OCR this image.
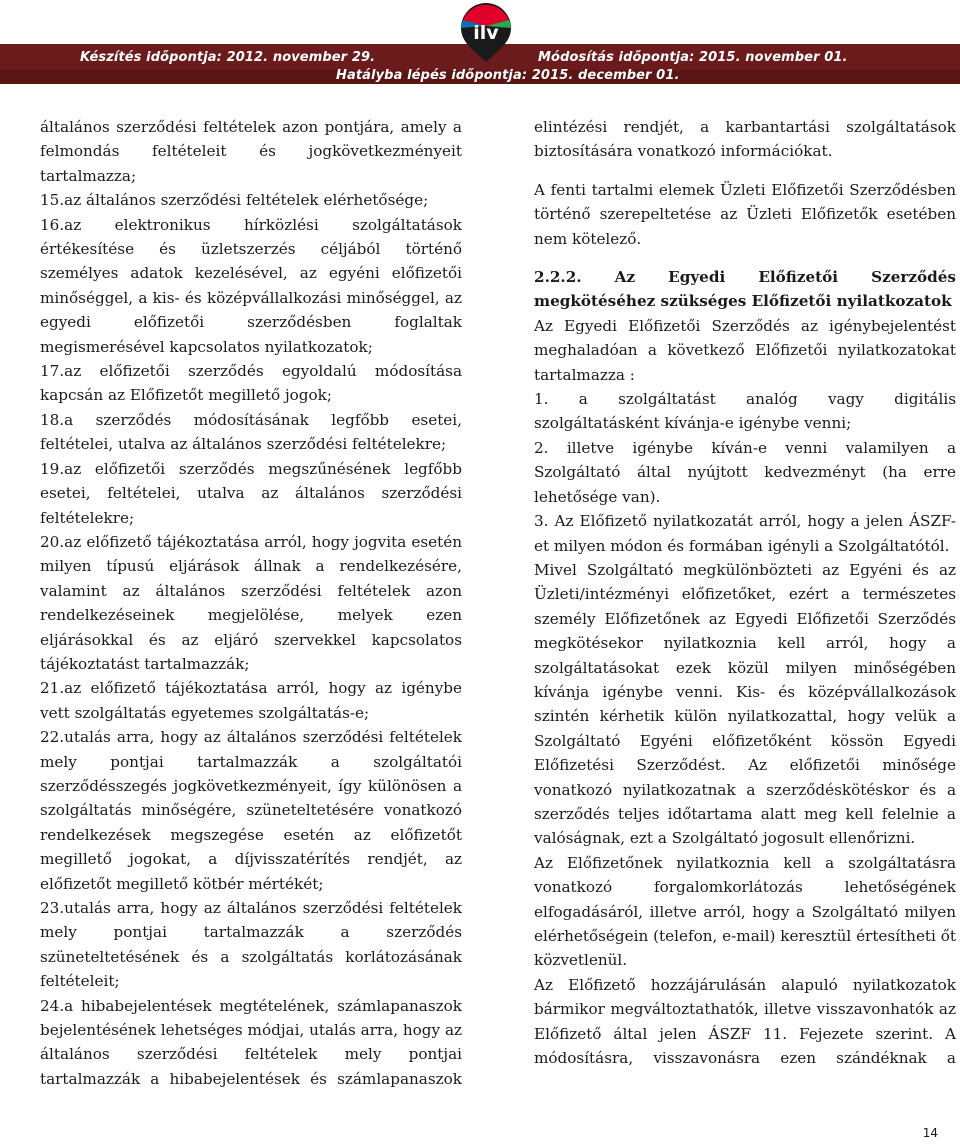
Készítés időpontja: 2012. november 29.	Módosítás időpontja: 2015. november 01.
Hatályba lépés időpontja: 2015. december 01.
ilv

általános szerződési feltételek azon pontjára, amely a felmondás feltételeit és jogkövetkezményeit tartalmazza;

15.az általános szerződési feltételek elérhetősége;

16.az elektronikus hírközlési szolgáltatások értékesítése és üzletszerzés céljából történő személyes adatok kezelésével, az egyéni előfizetői minőséggel, a kis- és középvállalkozási minőséggel, az egyedi előfizetői szerződésben foglaltak megismerésével kapcsolatos nyilatkozatok;

17.az előfizetői szerződés egyoldalú módosítása kapcsán az Előfizetőt megillető jogok;

18.a szerződés módosításának legfőbb esetei, feltételei, utalva az általános szerződési feltételekre;

19.az előfizetői szerződés megszűnésének legfőbb esetei, feltételei, utalva az általános szerződési feltételekre;

20.az előfizető tájékoztatása arról, hogy jogvita esetén milyen típusú eljárások állnak a rendelkezésére, valamint az általános szerződési feltételek azon rendelkezéseinek megjelölése, melyek ezen eljárásokkal és az eljáró szervekkel kapcsolatos tájékoztatást tartalmazzák;

21.az előfizető tájékoztatása arról, hogy az igénybe vett szolgáltatás egyetemes szolgáltatás-e;

22.utalás arra, hogy az általános szerződési feltételek mely pontjai tartalmazzák a szolgáltatói szerződésszegés jogkövetkezményeit, így különösen a szolgáltatás minőségére, szüneteltetésére vonatkozó rendelkezések megszegése esetén az előfizetőt megillető jogokat, a díjvisszatérítés rendjét, az előfizetőt megillető kötbér mértékét;

23.utalás arra, hogy az általános szerződési feltételek mely pontjai tartalmazzák a szerződés szüneteltetésének és a szolgáltatás korlátozásának feltételeit;

24.a hibabejelentések megtételének, számlapanaszok bejelentésének lehetséges módjai, utalás arra, hogy az általános szerződési feltételek mely pontjai tartalmazzák a hibabejelentések és számlapanaszok

elintézési rendjét, a karbantartási szolgáltatások biztosítására vonatkozó információkat.

A fenti tartalmi elemek Üzleti Előfizetői Szerződésben történő szerepeltetése az Üzleti Előfizetők esetében nem kötelező.

2.2.2. Az Egyedi Előfizetői Szerződés

megkötéséhez szükséges Előfizetői nyilatkozatok

Az Egyedi Előfizetői Szerződés az igénybejelentést meghaladóan a következő Előfizetői nyilatkozatokat tartalmazza :

1. a szolgáltatást analóg vagy digitális szolgáltatásként kívánja-e igénybe venni;

2. illetve igénybe kíván-e venni valamilyen a Szolgáltató által nyújtott kedvezményt (ha erre lehetősége van).

3. Az Előfizető nyilatkozatát arról, hogy a jelen ÁSZF-et milyen módon és formában igényli a Szolgáltatótól.

Mivel Szolgáltató megkülönbözteti az Egyéni és az Üzleti/intézményi előfizetőket, ezért a természetes személy Előfizetőnek az Egyedi Előfizetői Szerződés megkötésekor nyilatkoznia kell arról, hogy a szolgáltatásokat ezek közül milyen minőségében kívánja igénybe venni. Kis- és középvállalkozások szintén kérhetik külön nyilatkozattal, hogy velük a Szolgáltató Egyéni előfizetőként kössön Egyedi Előfizetési Szerződést. Az előfizetői minősége vonatkozó nyilatkozatnak a szerződéskötéskor és a szerződés teljes időtartama alatt meg kell felelnie a valóságnak, ezt a Szolgáltató jogosult ellenőrizni.

Az Előfizetőnek nyilatkoznia kell a szolgáltatásra vonatkozó forgalomkorlátozás lehetőségének elfogadásáról, illetve arról, hogy a Szolgáltató milyen elérhetőségein (telefon, e-mail) keresztül értesítheti őt közvetlenül.

Az Előfizető hozzájárulásán alapuló nyilatkozatok bármikor megváltoztathatók, illetve visszavonhatók az Előfizető által jelen ÁSZF 11. Fejezete szerint. A módosításra, visszavonásra ezen szándéknak a

14
